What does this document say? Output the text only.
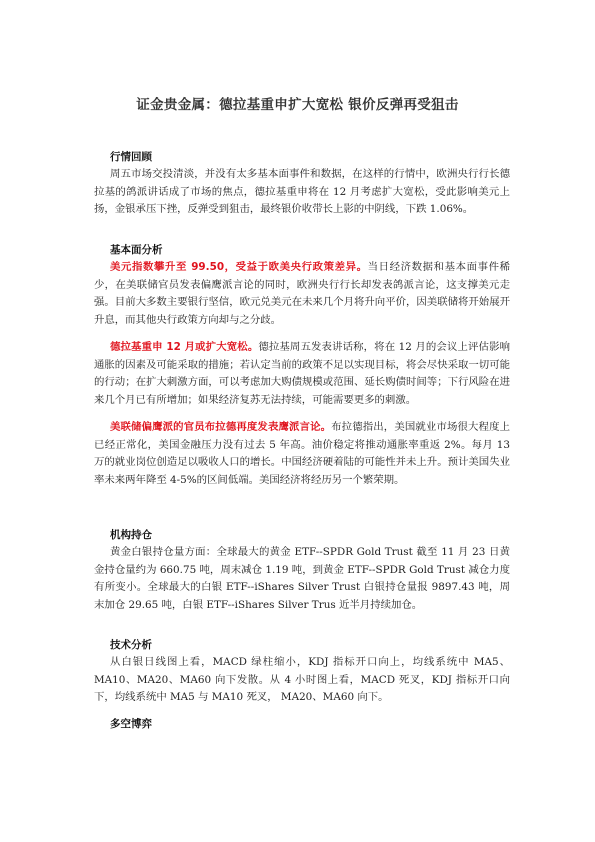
证金贵金属：德拉基重申扩大宽松 银价反弹再受狙击
行情回顾

周五市场交投清淡，并没有太多基本面事件和数据，在这样的行情中，欧洲央行行长德拉基的鸽派讲话成了市场的焦点，德拉基重申将在 12 月考虑扩大宽松，受此影响美元上扬，金银承压下挫，反弹受到狙击，最终银价收带长上影的中阴线，下跌 1.06%。

基本面分析

美元指数攀升至 99.50，受益于欧美央行政策差异。当日经济数据和基本面事件稀少，在美联储官员发表偏鹰派言论的同时，欧洲央行行长却发表鸽派言论，这支撑美元走强。目前大多数主要银行坚信，欧元兑美元在未来几个月将升向平价，因美联储将开始展开升息，而其他央行政策方向却与之分歧。

德拉基重申 12 月或扩大宽松。德拉基周五发表讲话称，将在 12 月的会议上评估影响通胀的因素及可能采取的措施；若认定当前的政策不足以实现目标，将会尽快采取一切可能的行动；在扩大刺激方面，可以考虑加大购债规模或范围、延长购债时间等；下行风险在进来几个月已有所增加；如果经济复苏无法持续，可能需要更多的刺激。

美联储偏鹰派的官员布拉德再度发表鹰派言论。布拉德指出，美国就业市场很大程度上已经正常化，美国金融压力没有过去 5 年高。油价稳定将推动通胀率重返 2%。每月 13 万的就业岗位创造足以吸收人口的增长。中国经济硬着陆的可能性并未上升。预计美国失业率未来两年降至 4-5%的区间低端。美国经济将经历另一个繁荣期。

机构持仓

黄金白银持仓量方面：全球最大的黄金 ETF--SPDR Gold Trust 截至 11 月 23 日黄金持仓量约为 660.75 吨，周末减仓 1.19 吨，到黄金 ETF--SPDR Gold Trust 减仓力度有所变小。全球最大的白银 ETF--iShares Silver Trust 白银持仓量报 9897.43 吨，周末加仓 29.65 吨，白银 ETF--iShares Silver Trus 近半月持续加仓。

技术分析

从白银日线图上看，MACD 绿柱缩小，KDJ 指标开口向上，均线系统中 MA5、MA10、MA20、MA60 向下发散。从 4 小时图上看，MACD 死叉，KDJ 指标开口向下，均线系统中 MA5 与 MA10 死叉， MA20、MA60 向下。

多空博弈
